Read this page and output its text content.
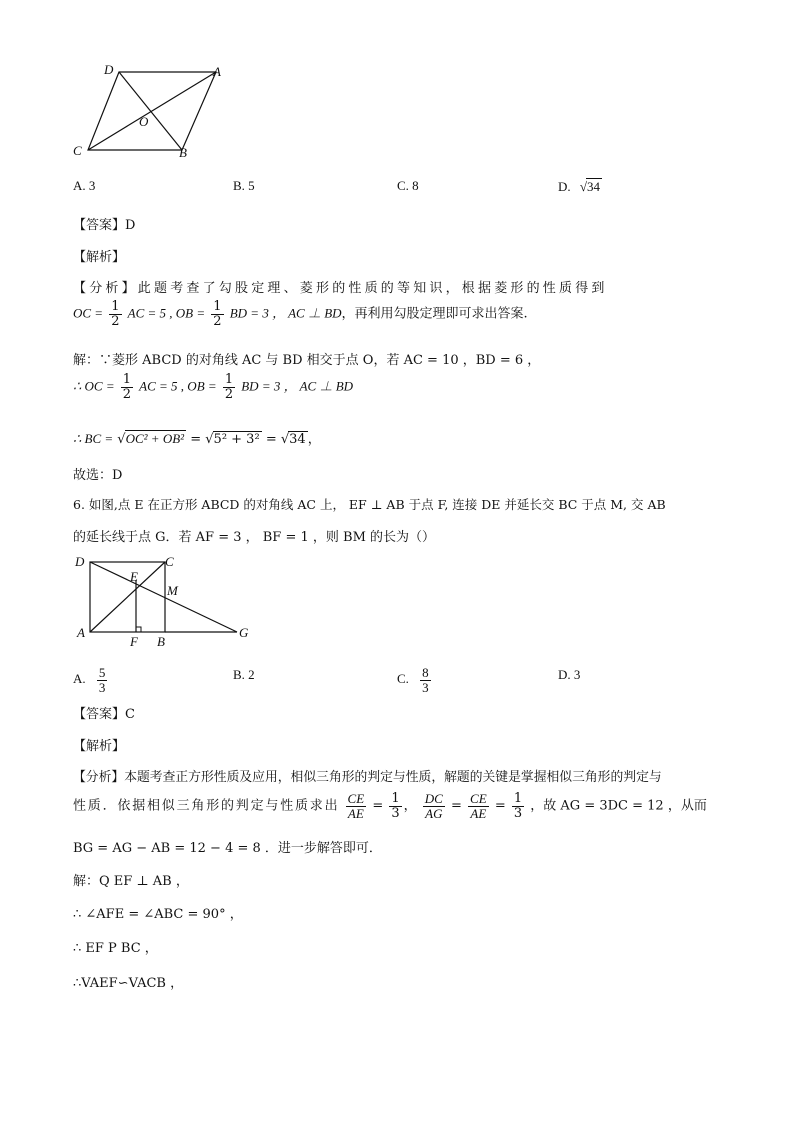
D	A
O
C	B
A. 3	B. 5	C. 8	D. √34
【答案】D
【解析】
【分析】此题考查了勾股定理、菱形的性质的等知识，根据菱形的性质得到
OC = $\frac{1}{2}$ AC = 5 , OB = $\frac{1}{2}$ BD = 3 ， AC ⊥ BD，再利用勾股定理即可求出答案.
解：∵菱形 ABCD 的对角线 AC 与 BD 相交于点 O，若 AC = 10 ，BD = 6 ，
∴ OC = $\frac{1}{2}$ AC = 5 , OB = $\frac{1}{2}$ BD = 3 ， AC ⊥ BD
∴ BC = √OC² + OB² = √5² + 3² = √34 ，
故选：D
6. 如图,点 E 在正方形 ABCD 的对角线 AC 上， EF ⊥ AB 于点 F, 连接 DE 并延长交 BC 于点 M, 交 AB
的延长线于点 G．若 AF = 3 ， BF = 1 ，则 BM 的长为（）
D	C
E
M
A
F B
G
A. $\frac{5}{3}$	B. 2	C. $\frac{8}{3}$	D. 3
【答案】C
【解析】
【分析】本题考查正方形性质及应用，相似三角形的判定与性质，解题的关键是掌握相似三角形的判定与
性质．依据相似三角形的判定与性质求出 $\frac{CE}{AE} = \frac{1}{3}$ ， $\frac{DC}{AG} = \frac{CE}{AE} = \frac{1}{3}$ ，故 AG = 3DC = 12 ，从而
BG = AG − AB = 12 − 4 = 8 ．进一步解答即可．
解：Q EF ⊥ AB ，
∴ ∠AFE = ∠ABC = 90° ，
∴ EF P BC ，
∴VAEF∽VACB ，
